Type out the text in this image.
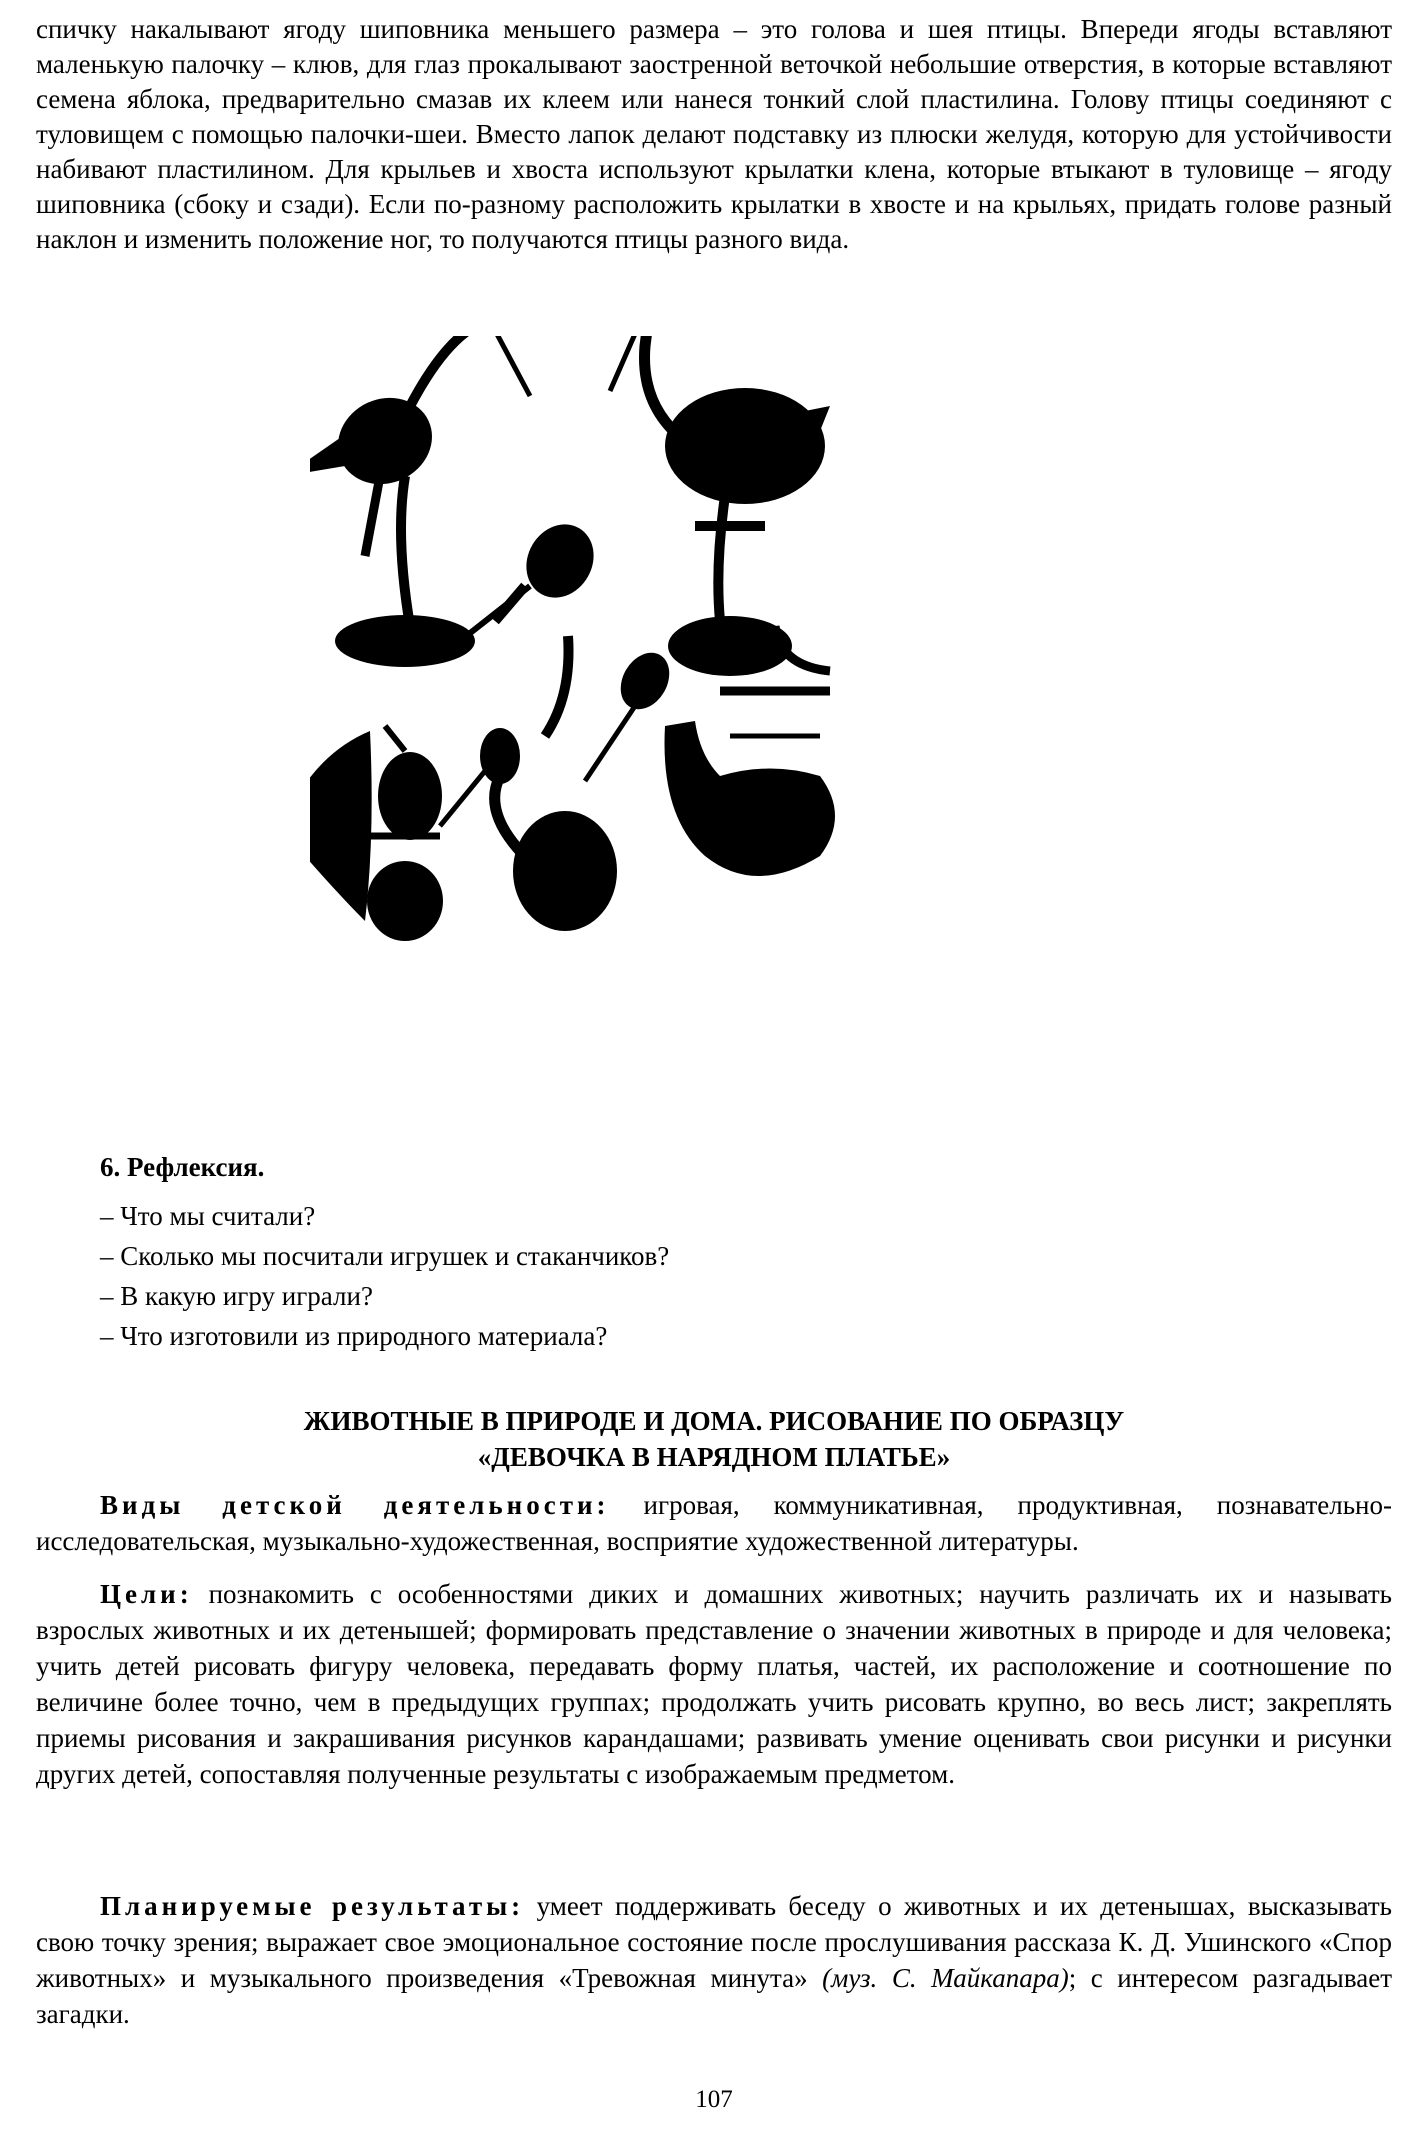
спичку накалывают ягоду шиповника меньшего размера – это голова и шея птицы. Впереди ягоды вставляют маленькую палочку – клюв, для глаз прокалывают заостренной веточкой небольшие отверстия, в которые вставляют семена яблока, предварительно смазав их клеем или нанеся тонкий слой пластилина. Голову птицы соединяют с туловищем с помощью палочки-шеи. Вместо лапок делают подставку из плюски желудя, которую для устойчивости набивают пластилином. Для крыльев и хвоста используют крылатки клена, которые втыкают в туловище – ягоду шиповника (сбоку и сзади). Если по-разному расположить крылатки в хвосте и на крыльях, придать голове разный наклон и изменить положение ног, то получаются птицы разного вида.

6. Рефлексия.

– Что мы считали?
– Сколько мы посчитали игрушек и стаканчиков?
– В какую игру играли?
– Что изготовили из природного материала?
ЖИВОТНЫЕ В ПРИРОДЕ И ДОМА. РИСОВАНИЕ ПО ОБРАЗЦУ
«ДЕВОЧКА В НАРЯДНОМ ПЛАТЬЕ»

Виды детской деятельности: игровая, коммуникативная, продуктивная, познавательно-исследовательская, музыкально-художественная, восприятие художественной литературы.

Цели: познакомить с особенностями диких и домашних животных; научить различать их и называть взрослых животных и их детенышей; формировать представление о значении животных в природе и для человека; учить детей рисовать фигуру человека, передавать форму платья, частей, их расположение и соотношение по величине более точно, чем в предыдущих группах; продолжать учить рисовать крупно, во весь лист; закреплять приемы рисования и закрашивания рисунков карандашами; развивать умение оценивать свои рисунки и рисунки других детей, сопоставляя полученные результаты с изображаемым предметом.

Планируемые результаты: умеет поддерживать беседу о животных и их детенышах, высказывать свою точку зрения; выражает свое эмоциональное состояние после прослушивания рассказа К. Д. Ушинского «Спор животных» и музыкального произведения «Тревожная минута» (муз. С. Майкапара); с интересом разгадывает загадки.

107
